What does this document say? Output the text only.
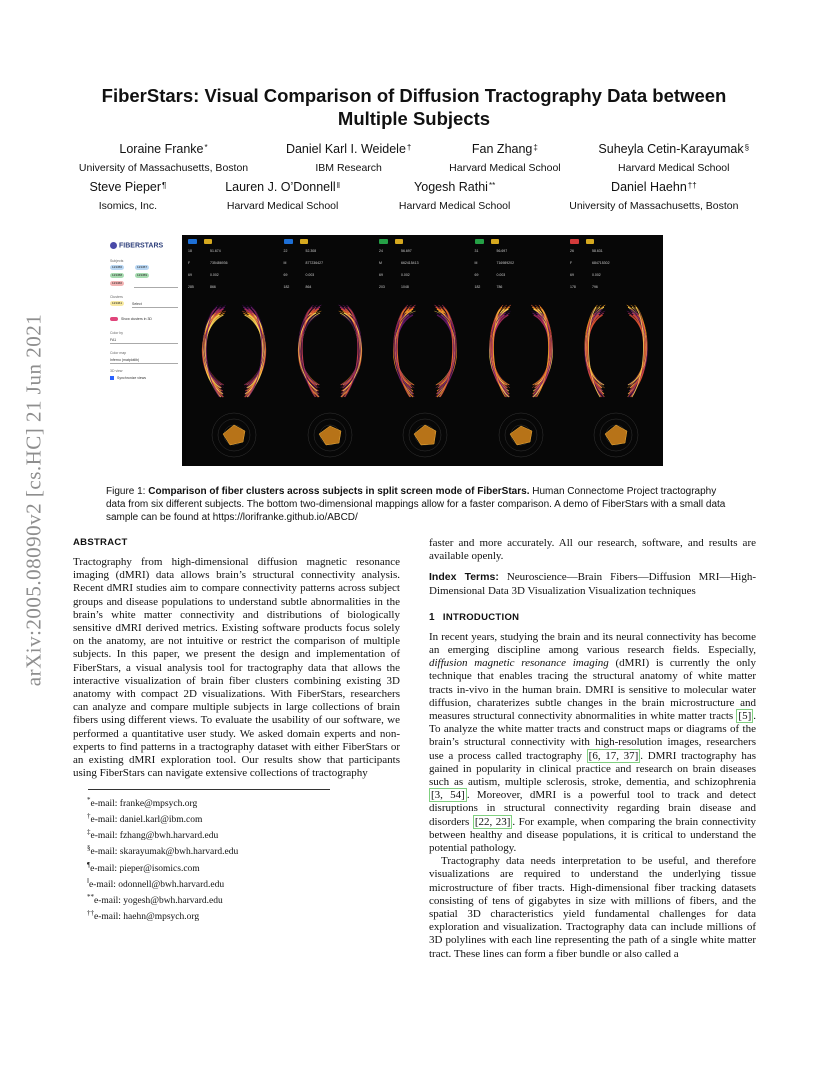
arXiv:2005.08090v2 [cs.HC] 21 Jun 2021
FiberStars: Visual Comparison of Diffusion Tractography Data between
Multiple Subjects
Loraine Franke*
University of Massachusetts, Boston
Daniel Karl I. Weidele†
IBM Research
Fan Zhang‡
Harvard Medical School
Suheyla Cetin-Karayumak§
Harvard Medical School
Steve Pieper¶
Isomics, Inc.
Lauren J. O’Donnell‖
Harvard Medical School
Yogesh Rathi**
Harvard Medical School
Daniel Haehn††
University of Massachusetts, Boston
FIBERSTARS
Subjects
123456	123457
123458	123459
123460
Clusters
123461	Select
Show clusters in 3D
Color by
FA1
Color map
Inferno (matplotlib)
3D view
Synchronize views

18	51.674
F	735486936
69	0.002
285	866

22	52.308
M	877236427
69	0.003
182	864

24	56.697
M	662415413
69	0.002
203	1048

31	56.697
M	716989202
69	0.003
182	786

26	58.631
F	684715302
69	0.002
178	796
Figure 1: Comparison of fiber clusters across subjects in split screen mode of FiberStars. Human Connectome Project tractography data from six different subjects. The bottom two-dimensional mappings allow for a faster comparison. A demo of FiberStars with a small data sample can be found at https://lorifranke.github.io/ABCD/
ABSTRACT

Tractography from high-dimensional diffusion magnetic resonance imaging (dMRI) data allows brain’s structural connectivity analysis. Recent dMRI studies aim to compare connectivity patterns across subject groups and disease populations to understand subtle abnormalities in the brain’s white matter connectivity and distributions of biologically sensitive dMRI derived metrics. Existing software products focus solely on the anatomy, are not intuitive or restrict the comparison of multiple subjects. In this paper, we present the design and implementation of FiberStars, a visual analysis tool for tractography data that allows the interactive visualization of brain fiber clusters combining existing 3D anatomy with compact 2D visualizations. With FiberStars, researchers can analyze and compare multiple subjects in large collections of brain fibers using different views. To evaluate the usability of our software, we performed a quantitative user study. We asked domain experts and non-experts to find patterns in a tractography dataset with either FiberStars or an existing dMRI exploration tool. Our results show that participants using FiberStars can navigate extensive collections of tractography

*e-mail: franke@mpsych.org
†e-mail: daniel.karl@ibm.com
‡e-mail: fzhang@bwh.harvard.edu
§e-mail: skarayumak@bwh.harvard.edu
¶e-mail: pieper@isomics.com
‖e-mail: odonnell@bwh.harvard.edu
**e-mail: yogesh@bwh.harvard.edu
††e-mail: haehn@mpsych.org

faster and more accurately. All our research, software, and results are available openly.

Index Terms: Neuroscience—Brain Fibers—Diffusion MRI—High-Dimensional Data 3D Visualization Visualization techniques
1 INTRODUCTION

In recent years, studying the brain and its neural connectivity has become an emerging discipline among various research fields. Especially, diffusion magnetic resonance imaging (dMRI) is currently the only technique that enables tracing the structural anatomy of white matter tracts in-vivo in the human brain. DMRI is sensitive to molecular water diffusion, charaterizes subtle changes in the brain microstructure and measures structural connectivity abnormalities in white matter tracts [5] . To analyze the white matter tracts and construct maps or diagrams of the brain’s structural connectivity with high-resolution images, researchers use a process called tractography [6, 17, 37] . DMRI tractography has gained in popularity in clinical practice and research on brain diseases such as autism, multiple sclerosis, stroke, dementia, and schizophrenia [3, 54] . Moreover, dMRI is a powerful tool to track and detect disruptions in structural connectivity regarding brain disease and disorders [22, 23] . For example, when comparing the brain connectivity between healthy and disease populations, it is critical to understand the potential pathology.

Tractography data needs interpretation to be useful, and therefore visualizations are required to understand the underlying tissue microstructure of fiber tracts. High-dimensional fiber tracking datasets consisting of tens of gigabytes in size with millions of fibers, and the spatial 3D characteristics yield fundamental challenges for data exploration and visualization. Tractography data can include millions of 3D polylines with each line representing the path of a single white matter tract. These lines can form a fiber bundle or also called a
